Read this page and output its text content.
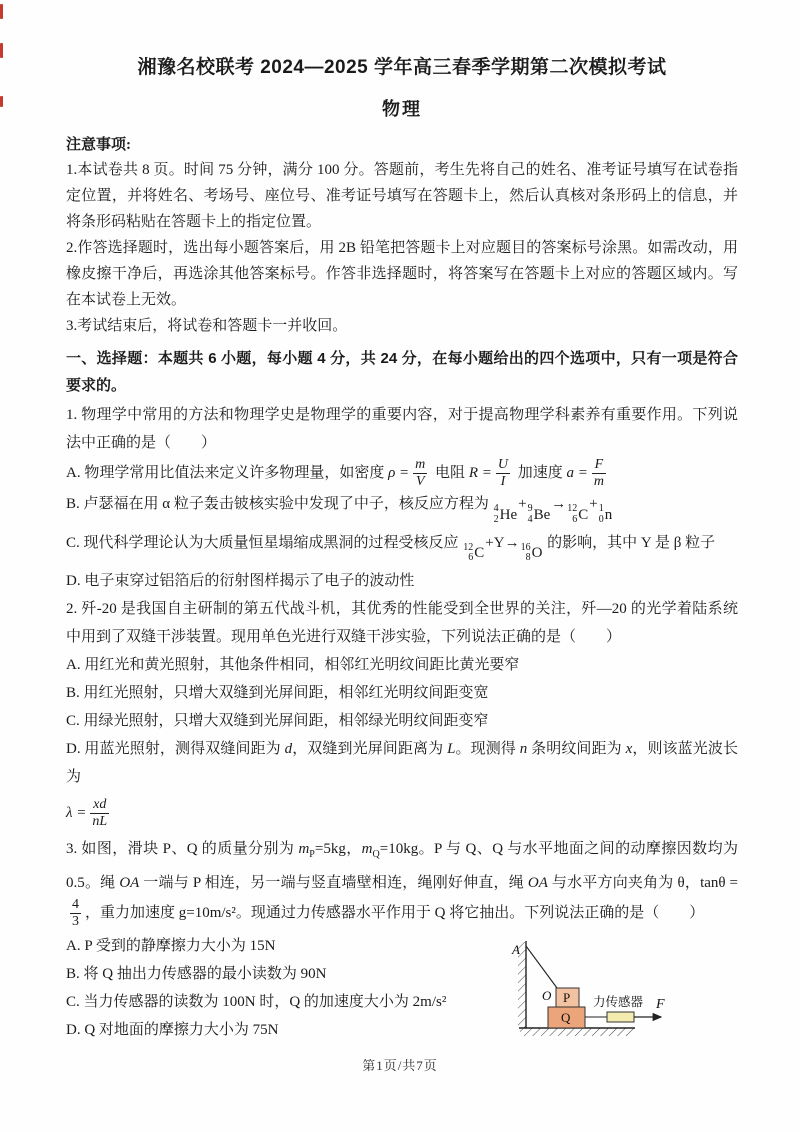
湘豫名校联考 2024—2025 学年高三春季学期第二次模拟考试
物理

注意事项:

1.本试卷共 8 页。时间 75 分钟，满分 100 分。答题前，考生先将自己的姓名、准考证号填写在试卷指定位置，并将姓名、考场号、座位号、准考证号填写在答题卡上，然后认真核对条形码上的信息，并将条形码粘贴在答题卡上的指定位置。

2.作答选择题时，选出每小题答案后，用 2B 铅笔把答题卡上对应题目的答案标号涂黑。如需改动，用橡皮擦干净后，再选涂其他答案标号。作答非选择题时，将答案写在答题卡上对应的答题区域内。写在本试卷上无效。

3.考试结束后，将试卷和答题卡一并收回。

一、选择题：本题共 6 小题，每小题 4 分，共 24 分，在每小题给出的四个选项中，只有一项是符合要求的。

1. 物理学中常用的方法和物理学史是物理学的重要内容，对于提高物理学科素养有重要作用。下列说法中正确的是（　　）

A. 物理学常用比值法来定义许多物理量，如密度 $\rho = \frac{m}{V}$ 电阻 $R = \frac{U}{I}$ 加速度 $a = \frac{F}{m}$

B. 卢瑟福在用 α 粒子轰击铍核实验中发现了中子，核反应方程为 4
2 He
+ 9
4 Be
→ 12
6 C
+ 1
0 n

C. 现代科学理论认为大质量恒星塌缩成黑洞的过程受核反应 12
6 C
+Y→ 16
8 O
的影响，其中 Y 是 β 粒子

D. 电子束穿过铝箔后的衍射图样揭示了电子的波动性

2. 歼-20 是我国自主研制的第五代战斗机，其优秀的性能受到全世界的关注，歼—20 的光学着陆系统中用到了双缝干涉装置。现用单色光进行双缝干涉实验，下列说法正确的是（　　）

A. 用红光和黄光照射，其他条件相同，相邻红光明纹间距比黄光要窄

B. 用红光照射，只增大双缝到光屏间距，相邻红光明纹间距变宽

C. 用绿光照射，只增大双缝到光屏间距，相邻绿光明纹间距变窄

D. 用蓝光照射，测得双缝间距为 d，双缝到光屏间距离为 L。现测得 n 条明纹间距为 x，则该蓝光波长为

$\lambda = \frac{xd}{nL}$

3. 如图，滑块 P、Q 的质量分别为 $m_P=5kg$，$m_Q=10kg$。P 与 Q、Q 与水平地面之间的动摩擦因数均为 0.5。绳 OA 一端与 P 相连，另一端与竖直墙壁相连，绳刚好伸直，绳 OA 与水平方向夹角为 θ，tanθ =
$\frac{4}{3}$ ，重力加速度 g=10m/s²。现通过力传感器水平作用于 Q 将它抽出。下列说法正确的是（　　）

A. P 受到的静摩擦力大小为 15N

B. 将 Q 抽出力传感器的最小读数为 90N

C. 当力传感器的读数为 100N 时，Q 的加速度大小为 2m/s²

D. Q 对地面的摩擦力大小为 75N

A
O P
Q
力传感器 F
第1页/共7页
